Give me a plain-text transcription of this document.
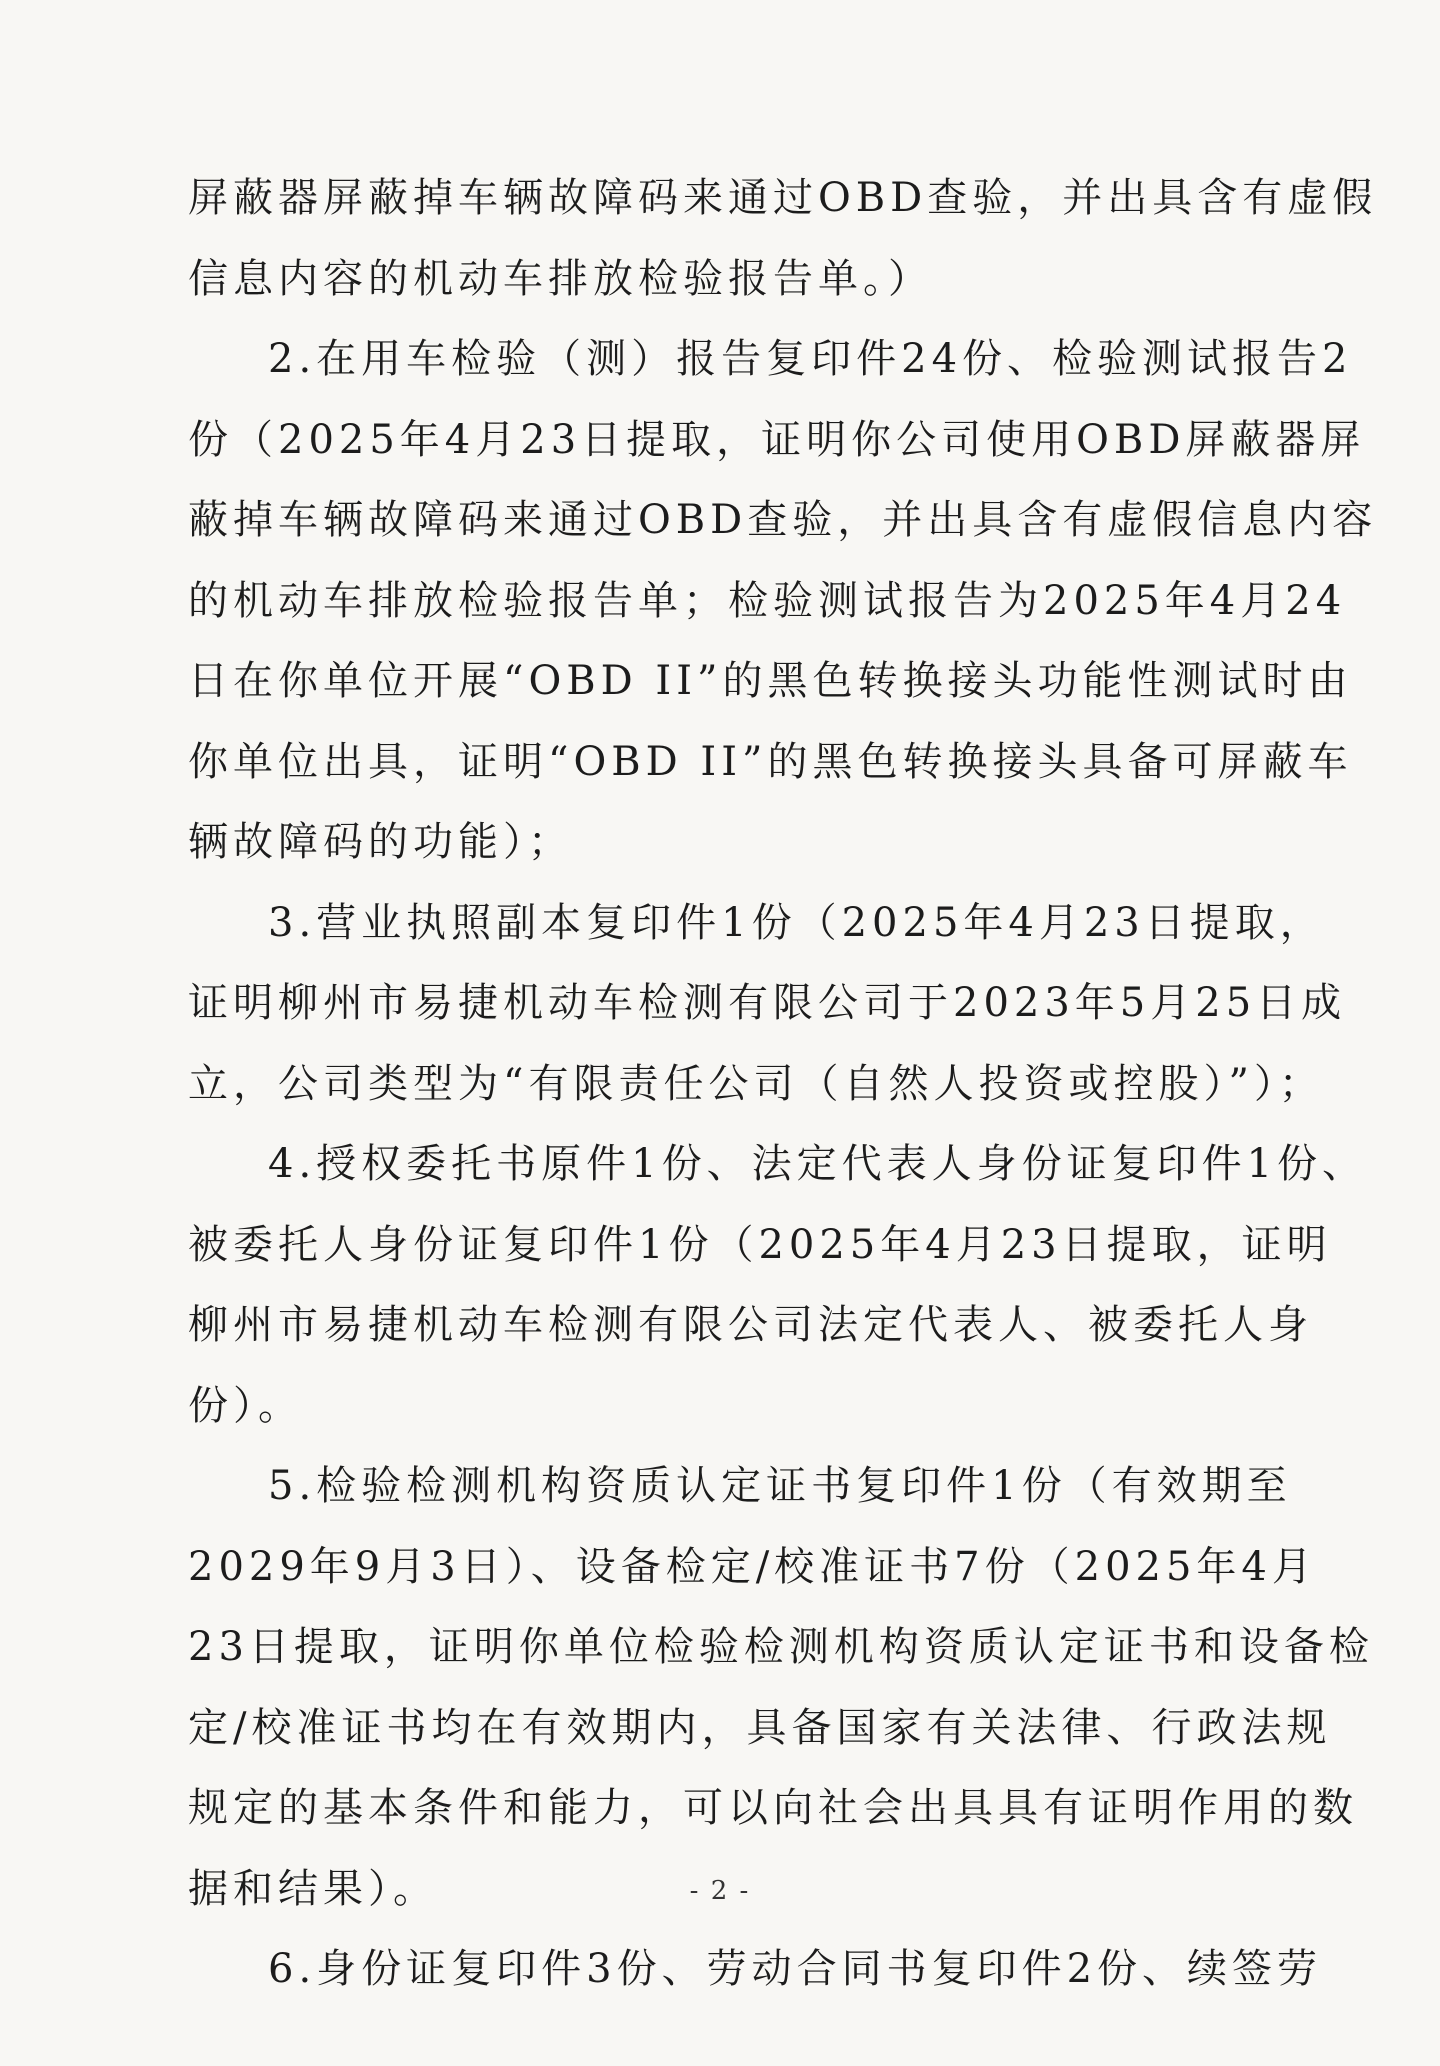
屏蔽器屏蔽掉车辆故障码来通过OBD查验，并出具含有虚假
信息内容的机动车排放检验报告单。）
2.在用车检验（测）报告复印件24份、检验测试报告2
份（2025年4月23日提取，证明你公司使用OBD屏蔽器屏
蔽掉车辆故障码来通过OBD查验，并出具含有虚假信息内容
的机动车排放检验报告单；检验测试报告为2025年4月24
日在你单位开展“OBD II”的黑色转换接头功能性测试时由
你单位出具，证明“OBD II”的黑色转换接头具备可屏蔽车
辆故障码的功能）；
3.营业执照副本复印件1份（2025年4月23日提取，
证明柳州市易捷机动车检测有限公司于2023年5月25日成
立，公司类型为“有限责任公司（自然人投资或控股）”）；
4.授权委托书原件1份、法定代表人身份证复印件1份、
被委托人身份证复印件1份（2025年4月23日提取，证明
柳州市易捷机动车检测有限公司法定代表人、被委托人身
份）。
5.检验检测机构资质认定证书复印件1份（有效期至
2029年9月3日）、设备检定/校准证书7份（2025年4月
23日提取，证明你单位检验检测机构资质认定证书和设备检
定/校准证书均在有效期内，具备国家有关法律、行政法规
规定的基本条件和能力，可以向社会出具具有证明作用的数
据和结果）。
6.身份证复印件3份、劳动合同书复印件2份、续签劳
- 2 -
